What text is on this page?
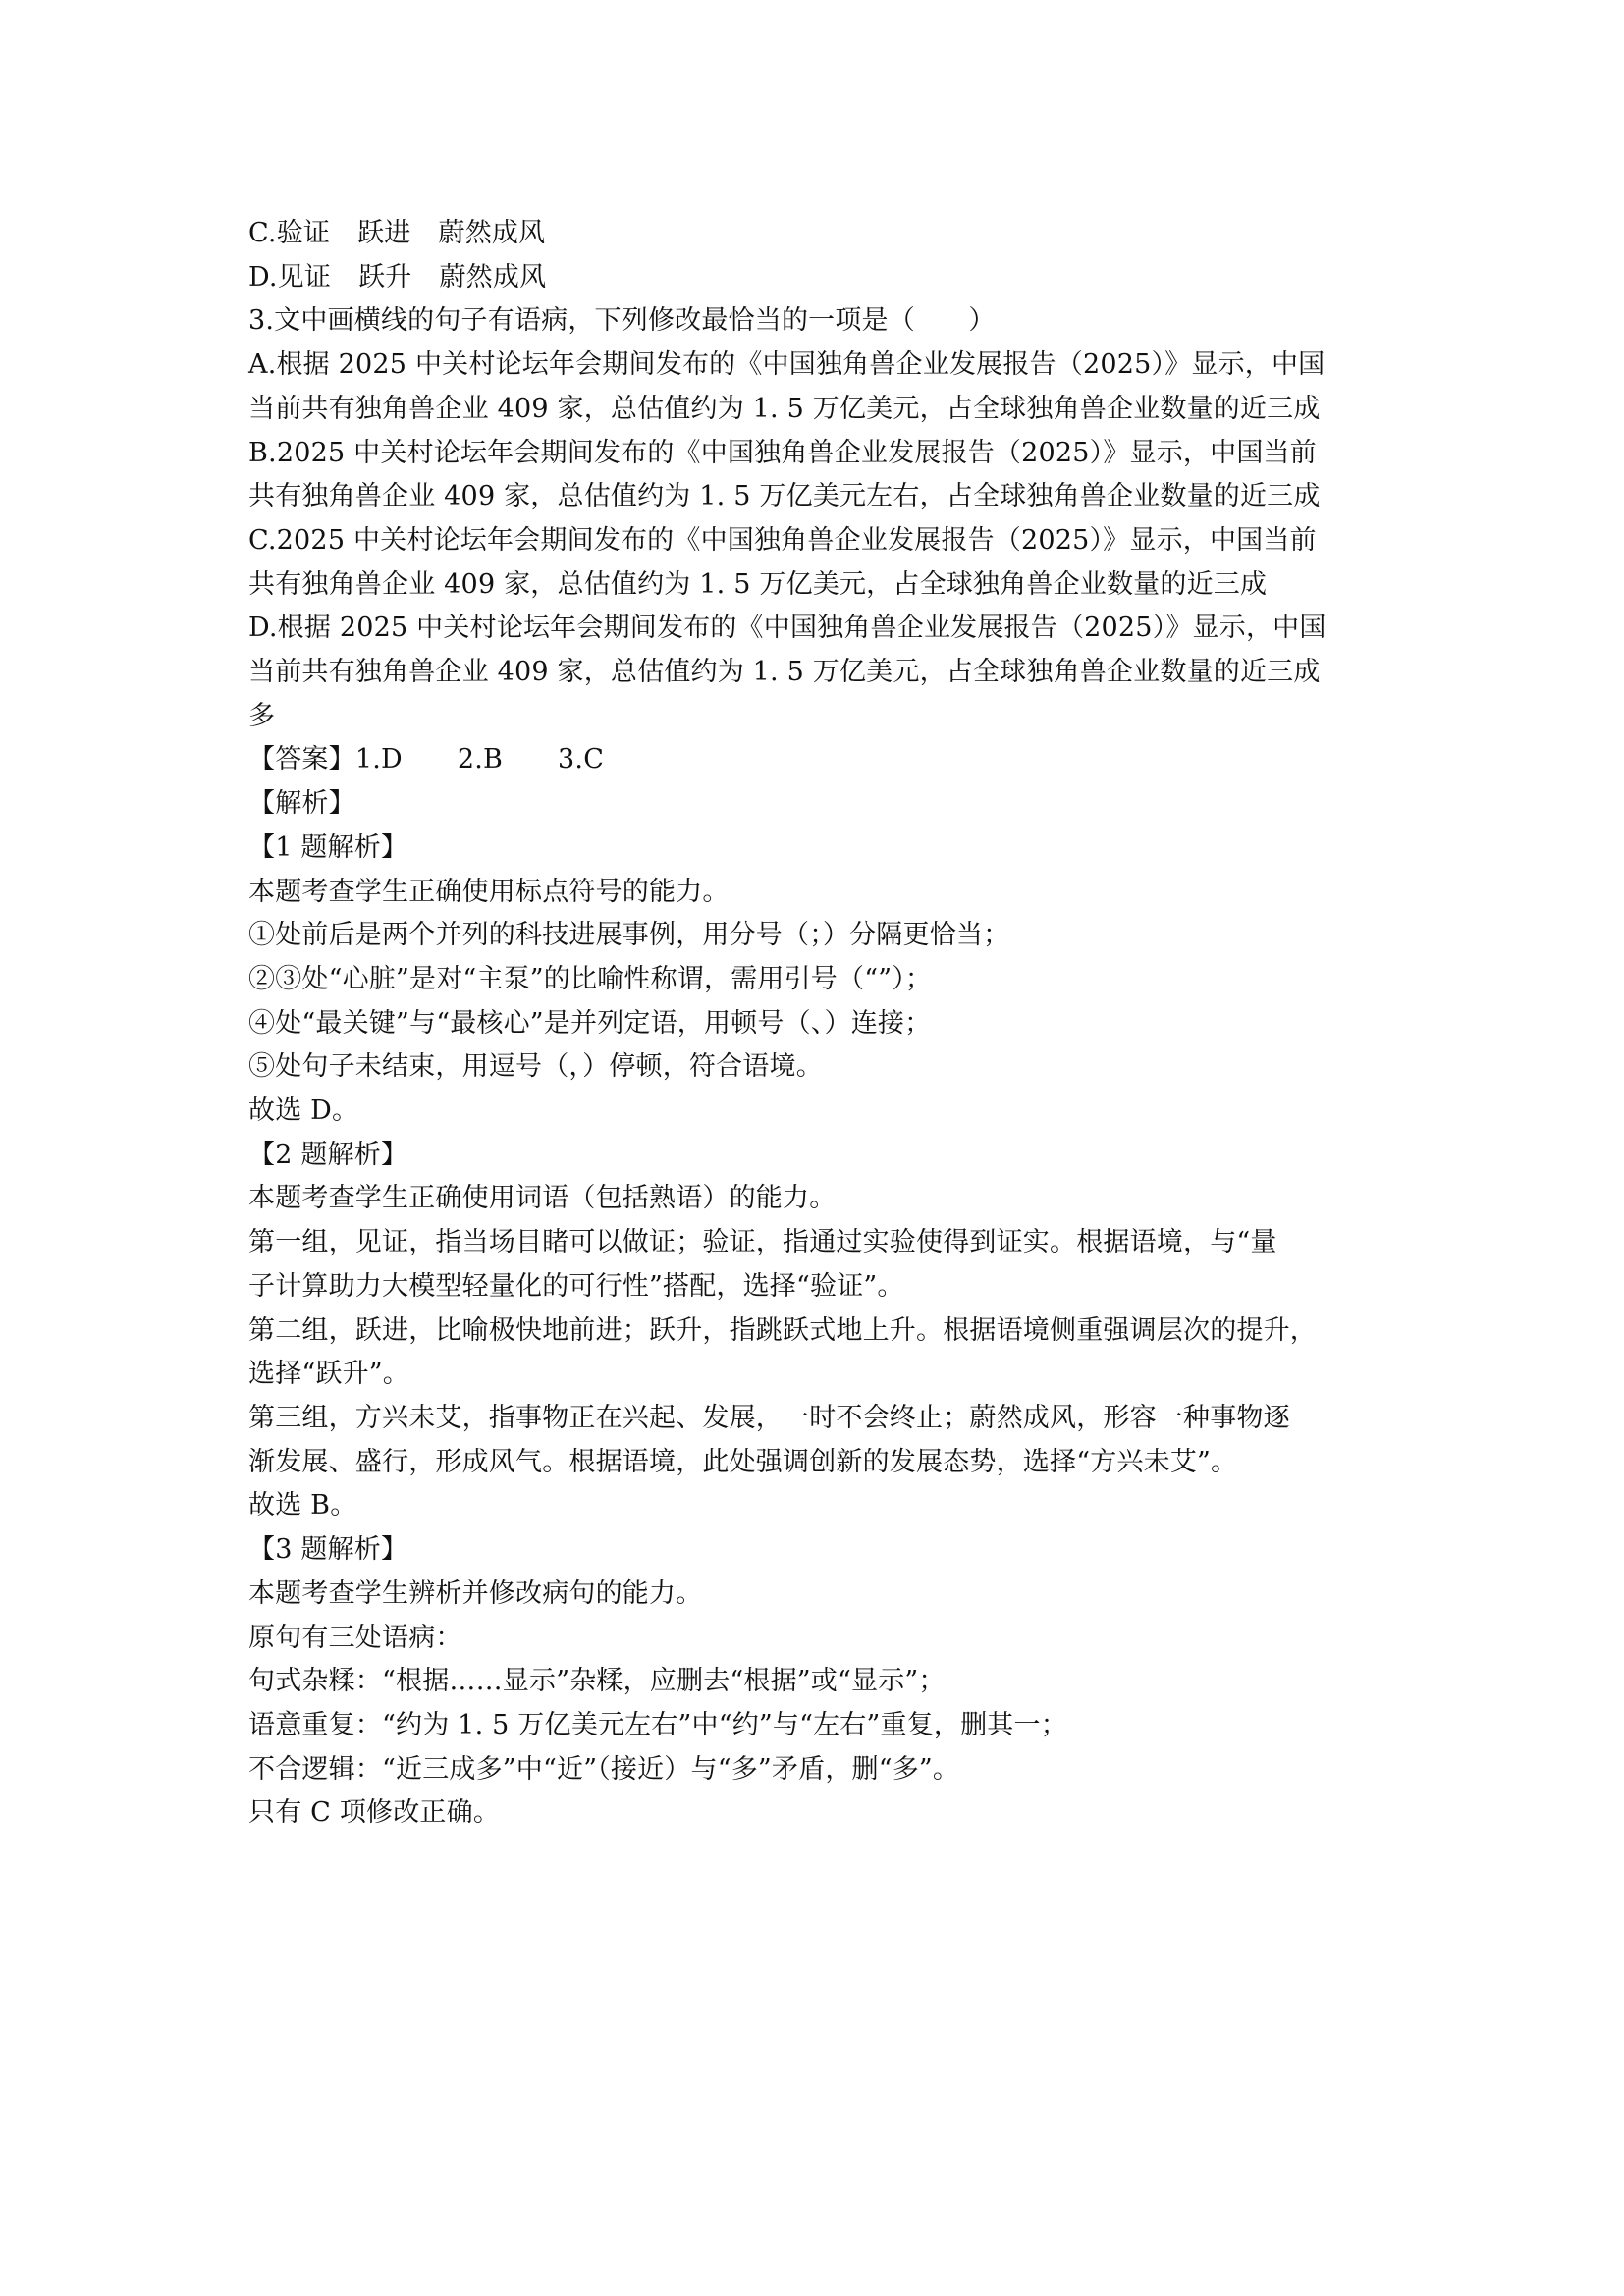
C.验证 跃进 蔚然成风
D.见证 跃升 蔚然成风
3.文中画横线的句子有语病，下列修改最恰当的一项是（　　）
A.根据 2025 中关村论坛年会期间发布的《中国独角兽企业发展报告（2025）》显示，中国
当前共有独角兽企业 409 家，总估值约为 1. 5 万亿美元，占全球独角兽企业数量的近三成
B.2025 中关村论坛年会期间发布的《中国独角兽企业发展报告（2025）》显示，中国当前
共有独角兽企业 409 家，总估值约为 1. 5 万亿美元左右，占全球独角兽企业数量的近三成
C.2025 中关村论坛年会期间发布的《中国独角兽企业发展报告（2025）》显示，中国当前
共有独角兽企业 409 家，总估值约为 1. 5 万亿美元，占全球独角兽企业数量的近三成
D.根据 2025 中关村论坛年会期间发布的《中国独角兽企业发展报告（2025）》显示，中国
当前共有独角兽企业 409 家，总估值约为 1. 5 万亿美元，占全球独角兽企业数量的近三成
多
【答案】1.D 2.B 3.C
【解析】
【1 题解析】
本题考查学生正确使用标点符号的能力。
①处前后是两个并列的科技进展事例，用分号（；）分隔更恰当；
②③处“心脏”是对“主泵”的比喻性称谓，需用引号（“”）；
④处“最关键”与“最核心”是并列定语，用顿号（、）连接；
⑤处句子未结束，用逗号（，）停顿，符合语境。
故选 D。
【2 题解析】
本题考查学生正确使用词语（包括熟语）的能力。
第一组，见证，指当场目睹可以做证；验证，指通过实验使得到证实。根据语境，与“量
子计算助力大模型轻量化的可行性”搭配，选择“验证”。
第二组，跃进，比喻极快地前进；跃升，指跳跃式地上升。根据语境侧重强调层次的提升，
选择“跃升”。
第三组，方兴未艾，指事物正在兴起、发展，一时不会终止；蔚然成风，形容一种事物逐
渐发展、盛行，形成风气。根据语境，此处强调创新的发展态势，选择“方兴未艾”。
故选 B。
【3 题解析】
本题考查学生辨析并修改病句的能力。
原句有三处语病：
句式杂糅：“根据……显示”杂糅，应删去“根据”或“显示”；
语意重复：“约为 1. 5 万亿美元左右”中“约”与“左右”重复，删其一；
不合逻辑：“近三成多”中“近”（接近）与“多”矛盾，删“多”。
只有 C 项修改正确。
